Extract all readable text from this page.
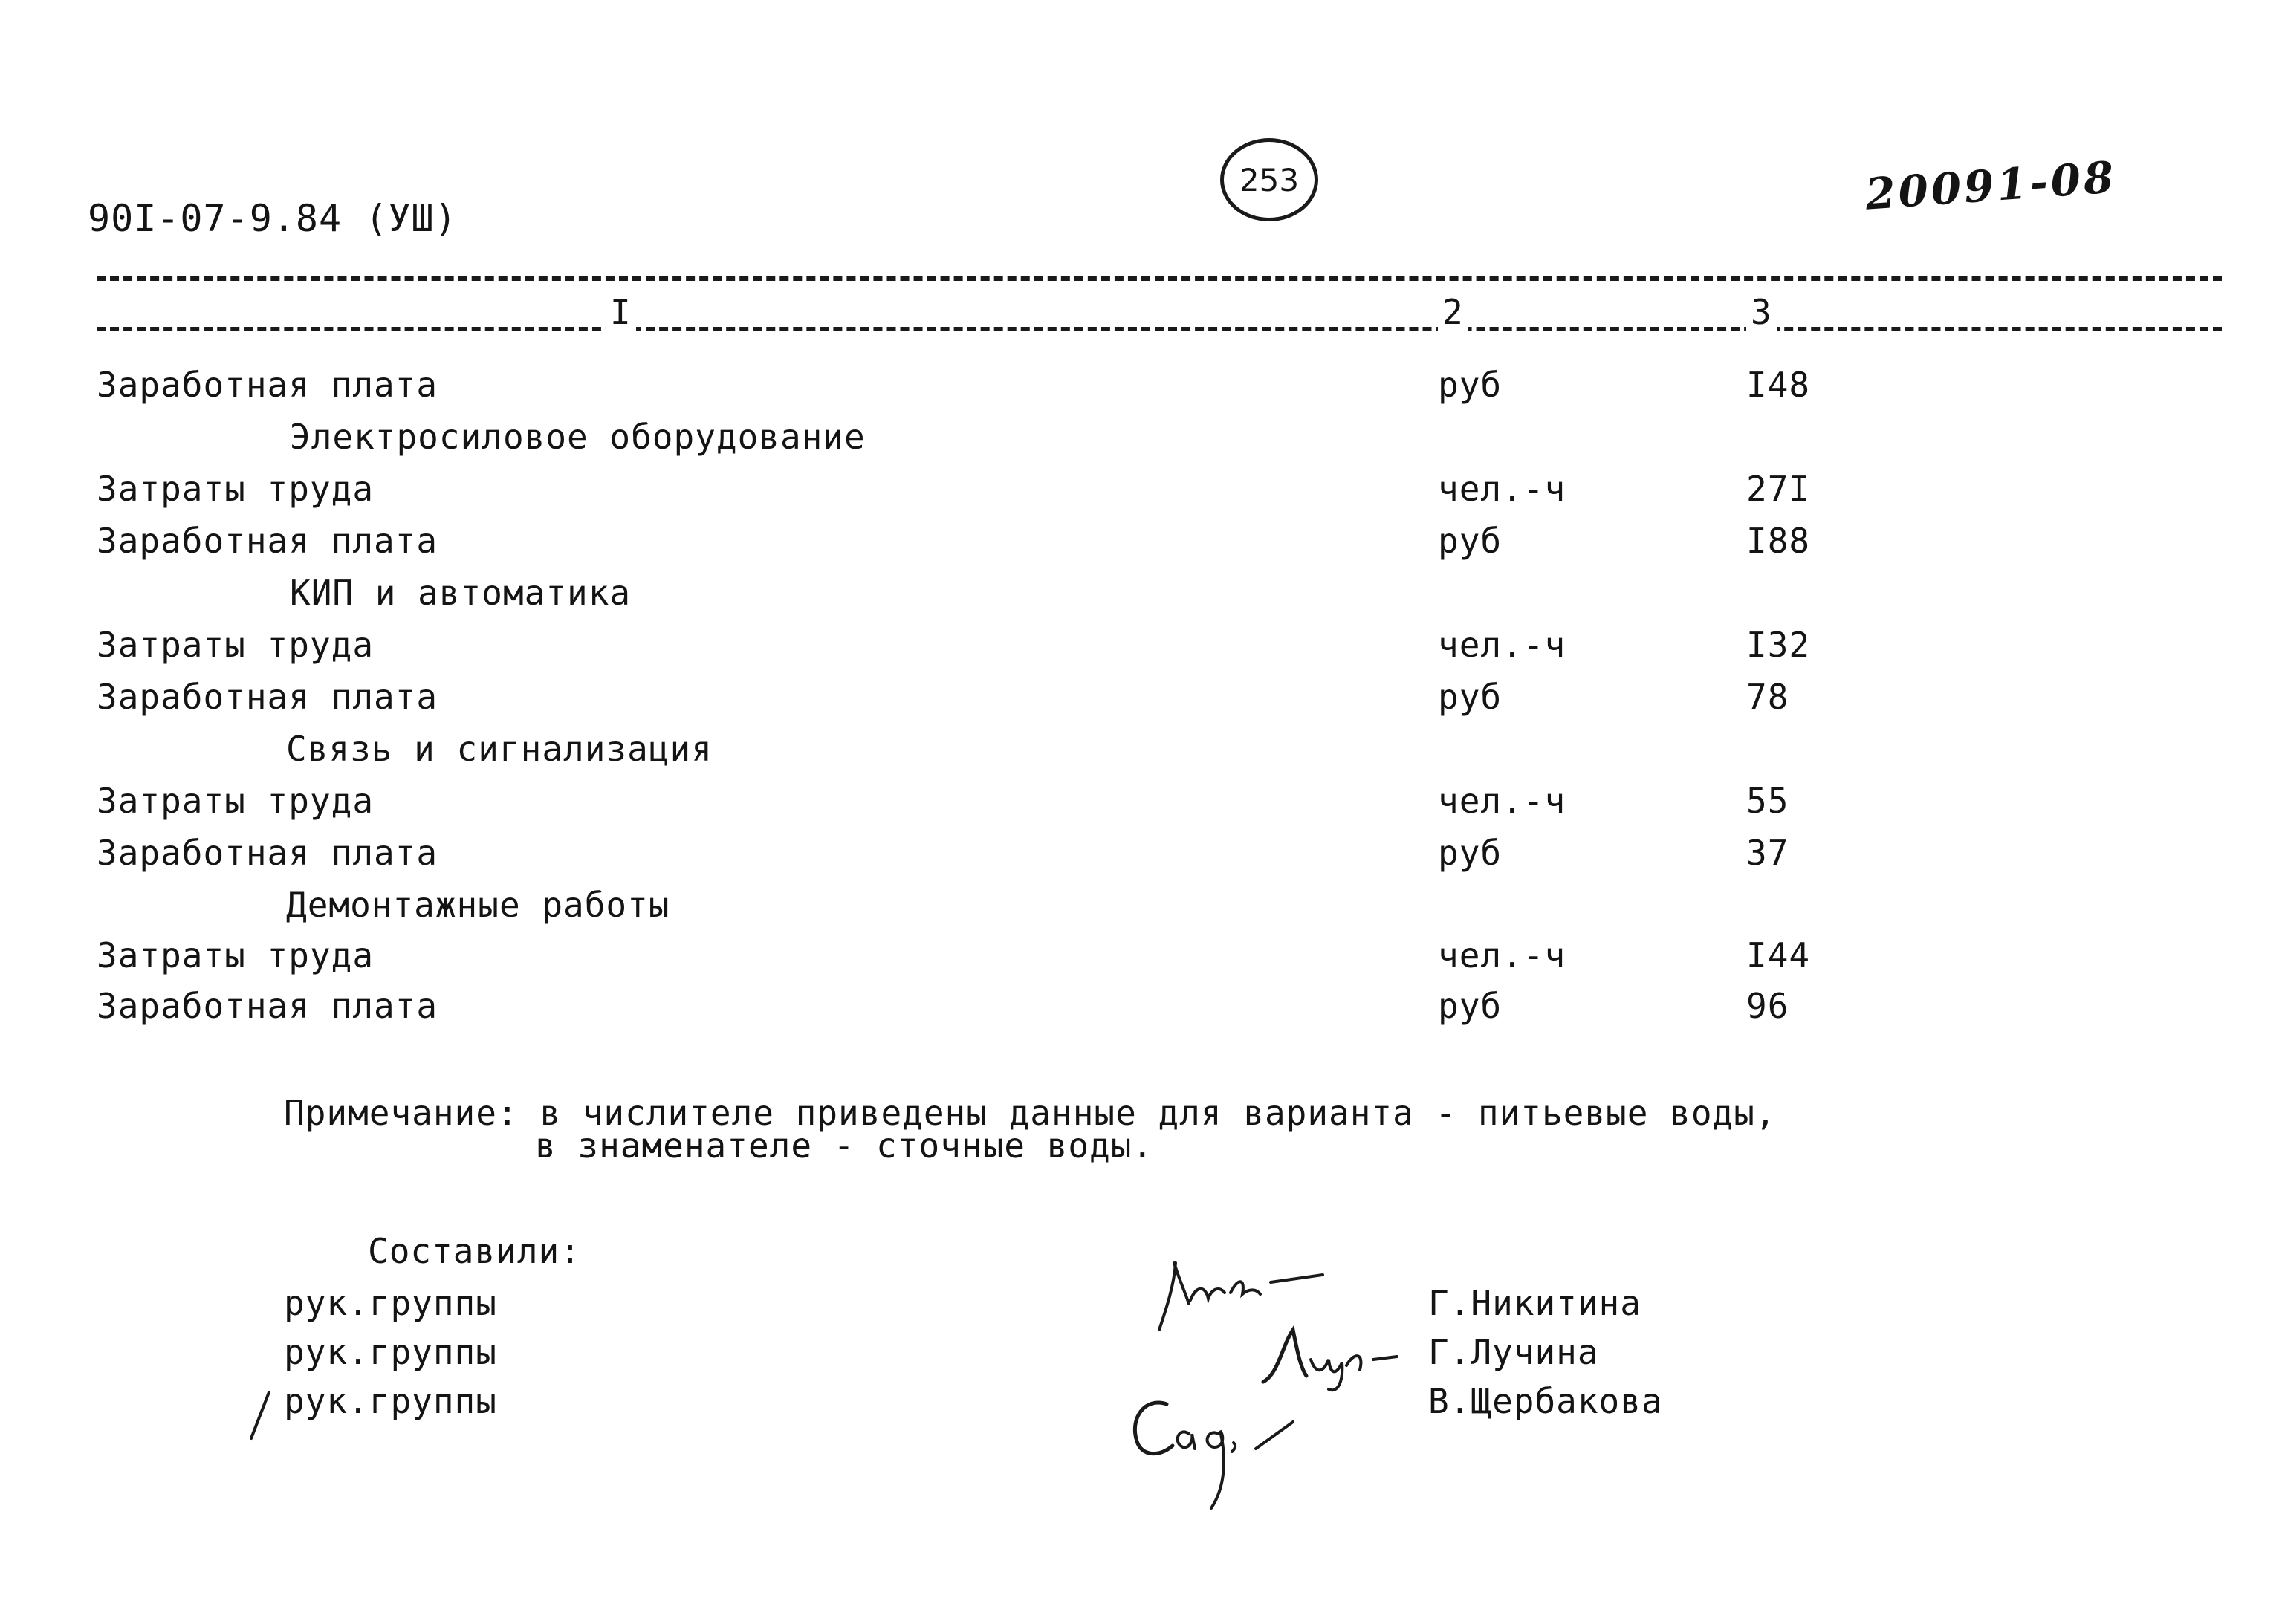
90I-07-9.84 (УШ)
253	20091-08
I	2	3
Заработная плата	руб	I48
Электросиловое оборудование
Затраты труда	чел.-ч	27I
Заработная плата	руб	I88
КИП и автоматика
Затраты труда	чел.-ч	I32
Заработная плата	руб	78
Связь и сигнализация
Затраты труда	чел.-ч	55
Заработная плата	руб	37
Демонтажные работы
Затраты труда	чел.-ч	I44
Заработная плата	руб	96
Примечание: в числителе приведены данные для варианта - питьевые воды,
в знаменателе - сточные воды.
Составили:
рук.группы
рук.группы
рук.группы
Г.Никитина
Г.Лучина
В.Щербакова
